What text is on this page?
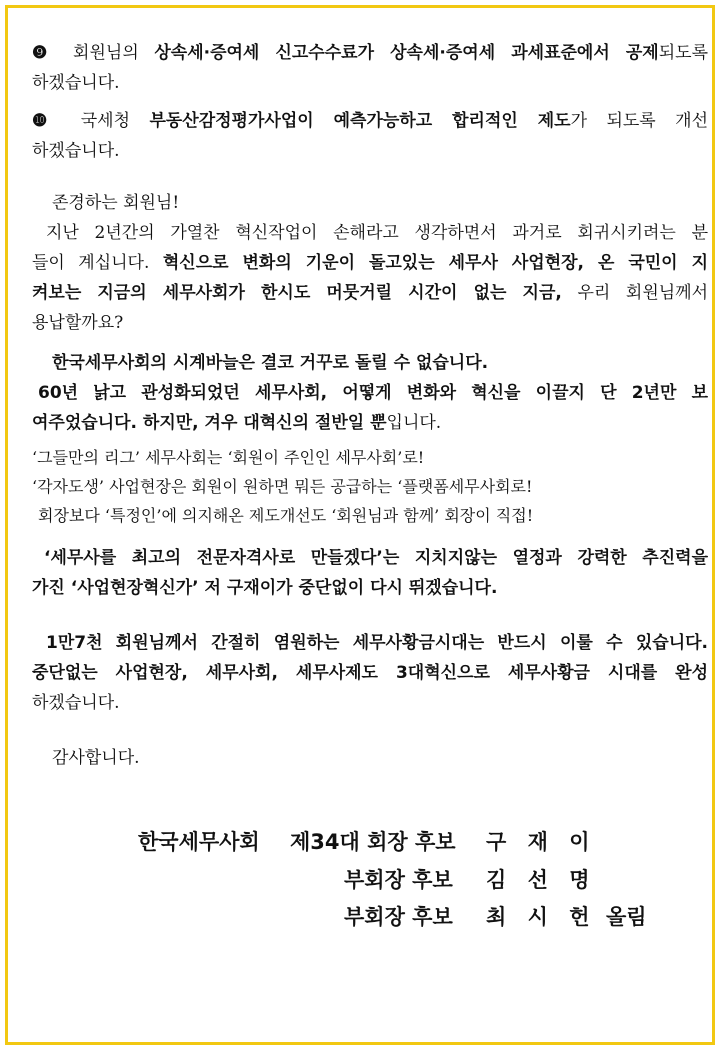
❾ 회원님의 상속세·증여세 신고수수료가 상속세·증여세 과세표준에서 공제되도록
하겠습니다.
❿ 국세청 부동산감정평가사업이 예측가능하고 합리적인 제도가 되도록 개선
하겠습니다.
존경하는 회원님!
지난 2년간의 가열찬 혁신작업이 손해라고 생각하면서 과거로 회귀시키려는 분
들이 계십니다. 혁신으로 변화의 기운이 돌고있는 세무사 사업현장, 온 국민이 지
켜보는 지금의 세무사회가 한시도 머뭇거릴 시간이 없는 지금, 우리 회원님께서
용납할까요?
한국세무사회의 시계바늘은 결코 거꾸로 돌릴 수 없습니다.
60년 낡고 관성화되었던 세무사회, 어떻게 변화와 혁신을 이끌지 단 2년만 보
여주었습니다. 하지만, 겨우 대혁신의 절반일 뿐입니다.
‘그들만의 리그’ 세무사회는 ‘회원이 주인인 세무사회’로!
‘각자도생’ 사업현장은 회원이 원하면 뭐든 공급하는 ‘플랫폼세무사회로!
회장보다 ‘특정인’에 의지해온 제도개선도 ‘회원님과 함께’ 회장이 직접!
‘세무사를 최고의 전문자격사로 만들겠다’는 지치지않는 열정과 강력한 추진력을
가진 ‘사업현장혁신가’ 저 구재이가 중단없이 다시 뛰겠습니다.
1만7천 회원님께서 간절히 염원하는 세무사황금시대는 반드시 이룰 수 있습니다.
중단없는 사업현장, 세무사회, 세무사제도 3대혁신으로 세무사황금 시대를 완성
하겠습니다.
감사합니다.
한국세무사회 제34대 회장 후보 구 재 이
부회장 후보 김 선 명
부회장 후보 최 시 헌 올림
